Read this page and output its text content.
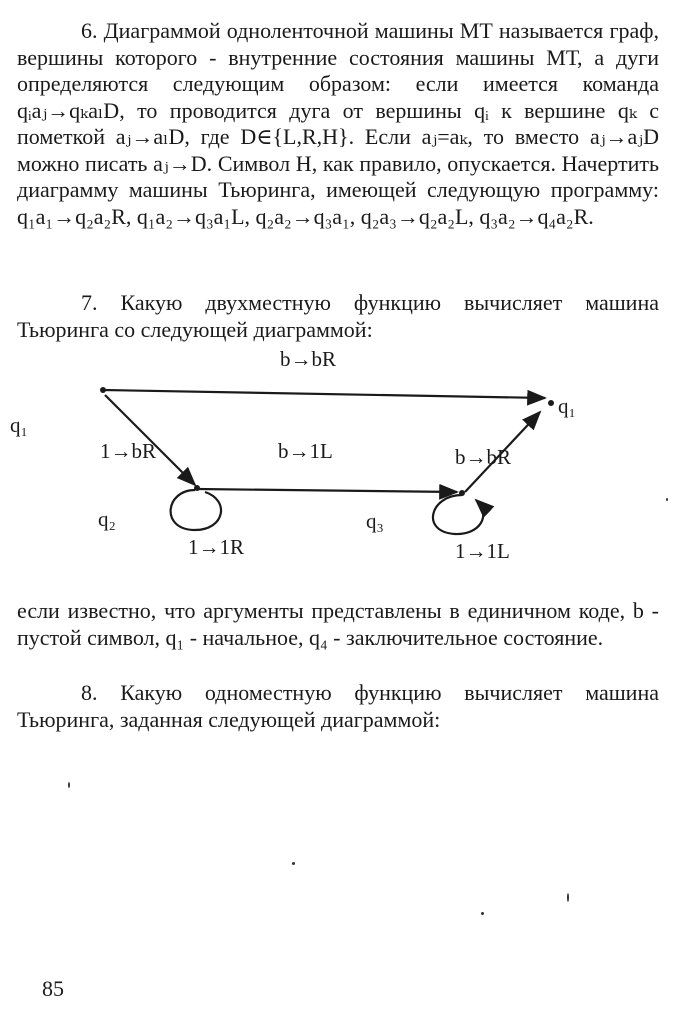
6. Диаграммой одноленточной машины МТ называется граф, вершины которого - внутренние состояния машины МТ, а дуги определяются следующим образом: если имеется команда qᵢaⱼ→qₖaₗD, то проводится дуга от вершины qᵢ к вершине qₖ с пометкой aⱼ→aₗD, где D∈{L,R,H}. Если aⱼ=aₖ, то вместо aⱼ→aⱼD можно писать aⱼ→D. Символ H, как правило, опускается. Начертить диаграмму машины Тьюринга, имеющей следующую программу: q₁a₁→q₂a₂R, q₁a₂→q₃a₁L, q₂a₂→q₃a₁, q₂a₃→q₂a₂L, q₃a₂→q₄a₂R.
7. Какую двухместную функцию вычисляет машина Тьюринга со следующей диаграммой:
b→bR
1→bR	b→1L	b→bR
1→1R	1→1L
q₁
q₁
q₂	q₃
если известно, что аргументы представлены в единичном коде, b - пустой символ, q₁ - начальное, q₄ - заключительное состояние.
8. Какую одноместную функцию вычисляет машина Тьюринга, заданная следующей диаграммой:
85
